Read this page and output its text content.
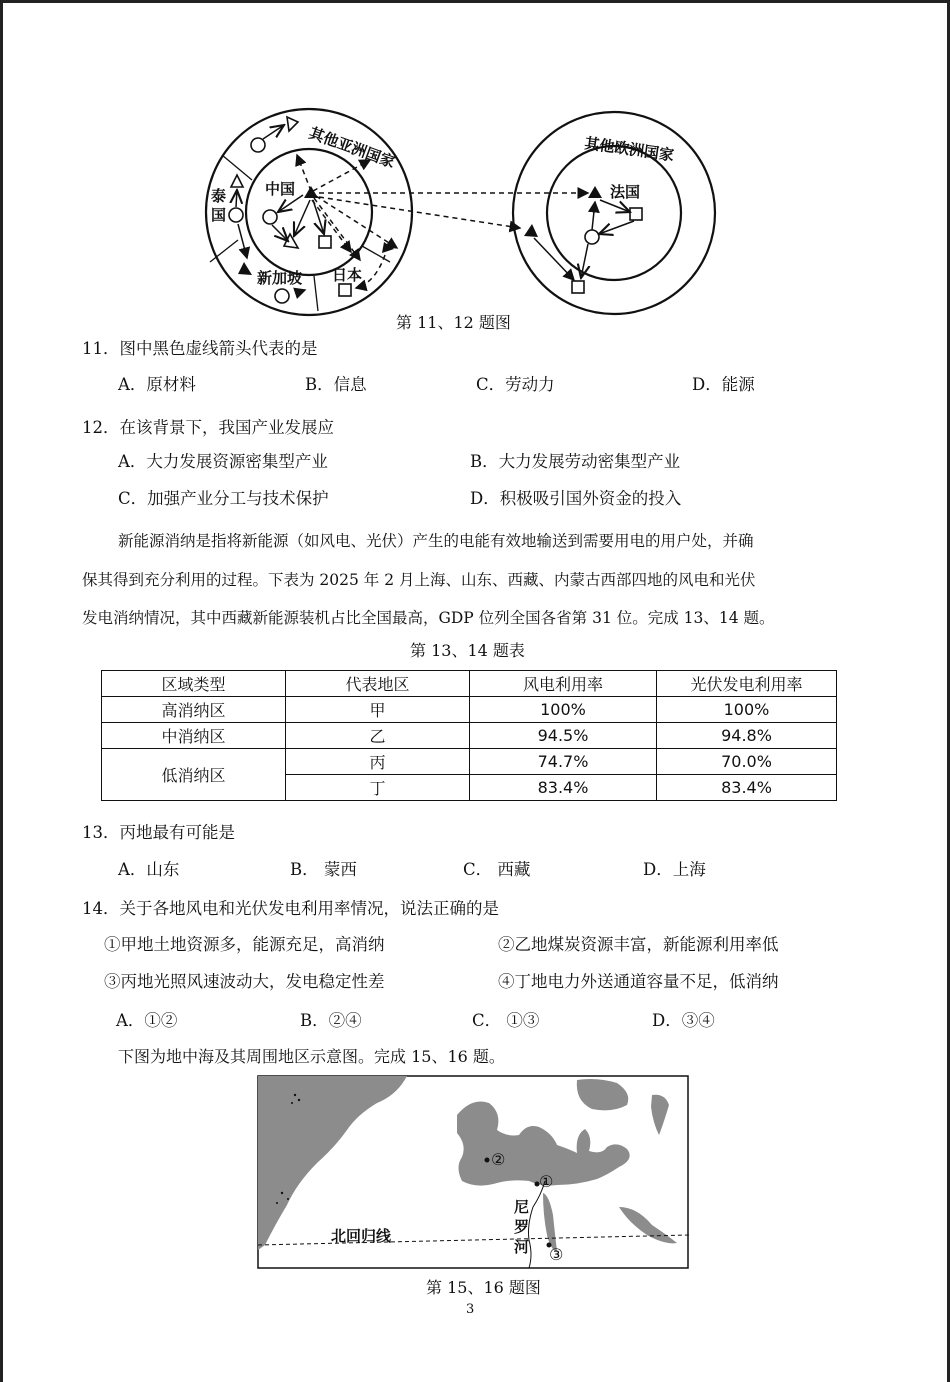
其他亚洲国家
中国
泰
国
新加坡 日本
其他欧洲国家
法国
第 11、12 题图
11．图中黑色虚线箭头代表的是
A．原材料	B．信息	C．劳动力	D．能源
12．在该背景下，我国产业发展应
A．大力发展资源密集型产业	B．大力发展劳动密集型产业
C．加强产业分工与技术保护	D．积极吸引国外资金的投入
新能源消纳是指将新能源（如风电、光伏）产生的电能有效地输送到需要用电的用户处，并确
保其得到充分利用的过程。下表为 2025 年 2 月上海、山东、西藏、内蒙古西部四地的风电和光伏
发电消纳情况，其中西藏新能源装机占比全国最高，GDP 位列全国各省第 31 位。完成 13、14 题。
第 13、14 题表
区域类型	代表地区	风电利用率	光伏发电利用率
高消纳区	甲	100%	100%
中消纳区	乙	94.5%	94.8%
低消纳区	丙	74.7%	70.0%
	丁	83.4%	83.4%
13．丙地最有可能是
A．山东	B． 蒙西	C． 西藏	D．上海
14．关于各地风电和光伏发电利用率情况，说法正确的是
①甲地土地资源多，能源充足，高消纳	②乙地煤炭资源丰富，新能源利用率低
③丙地光照风速波动大，发电稳定性差	④丁地电力外送通道容量不足，低消纳
A．①②	B．②④	C． ①③	D．③④
下图为地中海及其周围地区示意图。完成 15、16 题。
②
①
③
北回归线
尼
罗
河
第 15、16 题图
3
